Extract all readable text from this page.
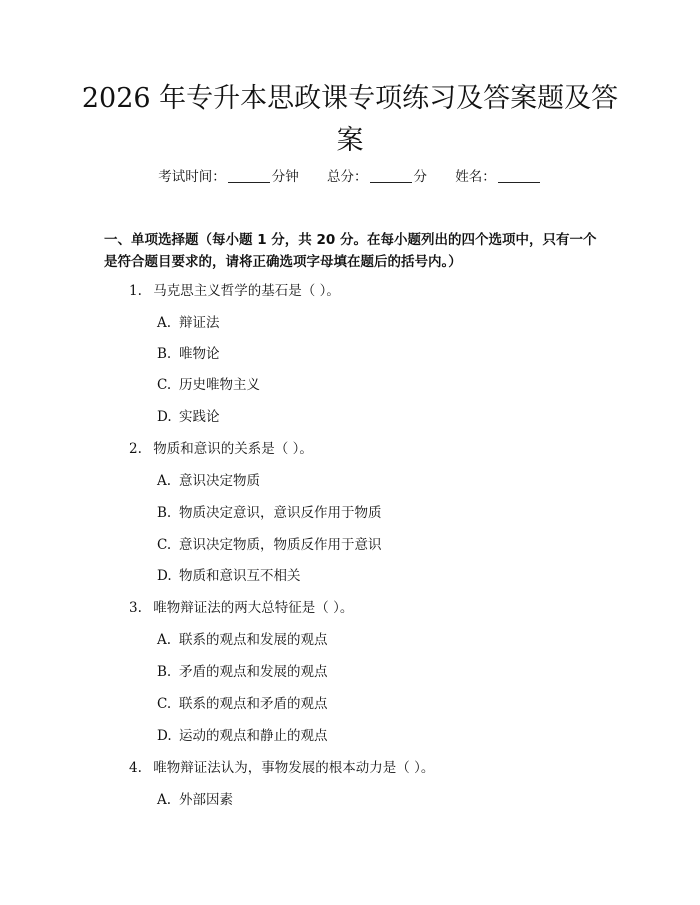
2026 年专升本思政课专项练习及答案题及答案
考试时间：	分钟 总分：	分 姓名：
一、单项选择题（每小题 1 分，共 20 分。在每小题列出的四个选项中，只有一个是符合题目要求的，请将正确选项字母填在题后的括号内。）
1. 马克思主义哲学的基石是（ ）。
A. 辩证法
B. 唯物论
C. 历史唯物主义
D. 实践论
2. 物质和意识的关系是（ ）。
A. 意识决定物质
B. 物质决定意识，意识反作用于物质
C. 意识决定物质，物质反作用于意识
D. 物质和意识互不相关
3. 唯物辩证法的两大总特征是（ ）。
A. 联系的观点和发展的观点
B. 矛盾的观点和发展的观点
C. 联系的观点和矛盾的观点
D. 运动的观点和静止的观点
4. 唯物辩证法认为，事物发展的根本动力是（ ）。
A. 外部因素
